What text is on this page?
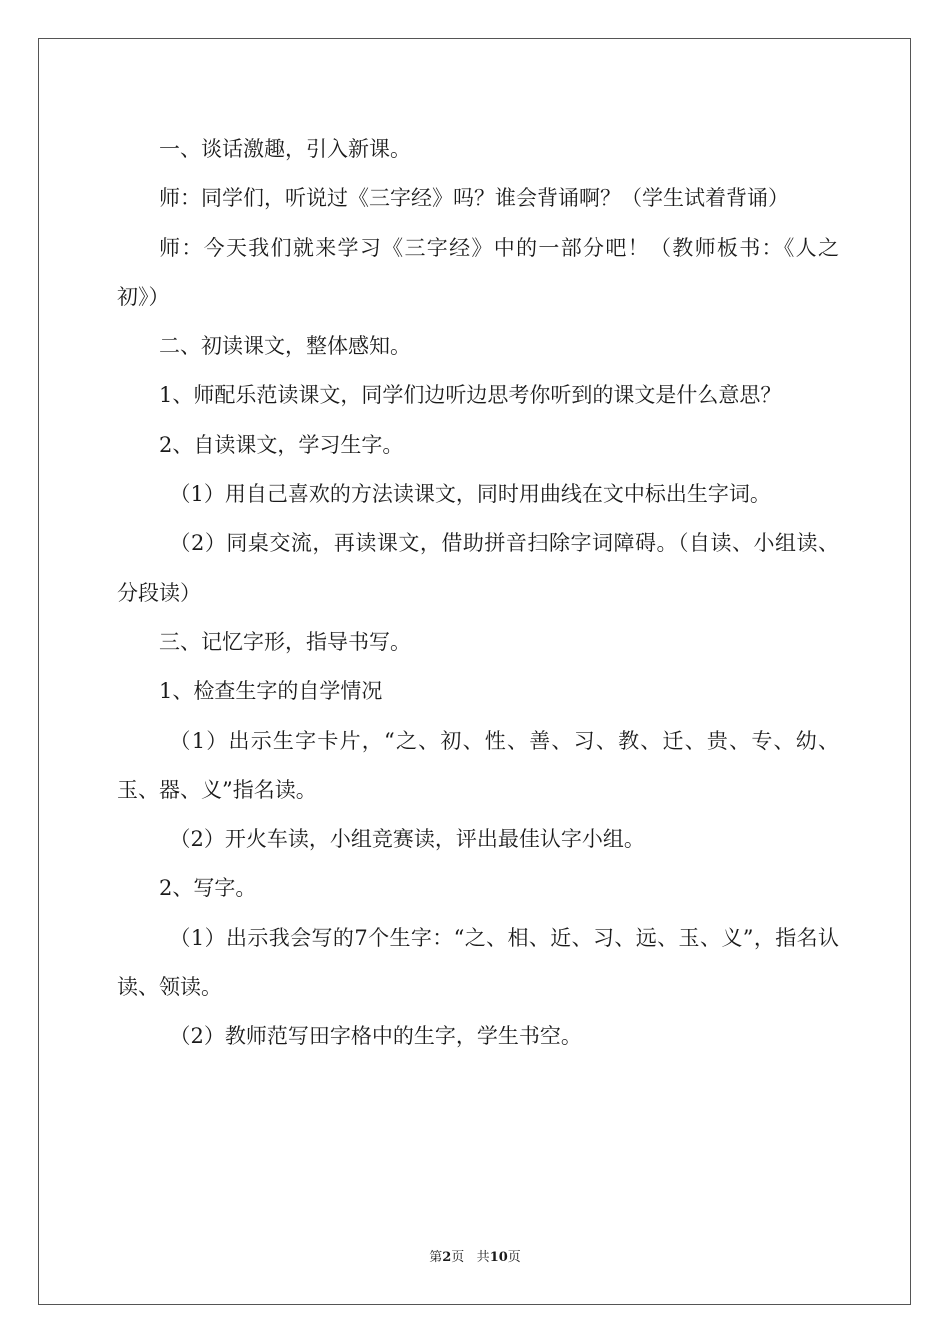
一、谈话激趣，引入新课。

师：同学们，听说过《三字经》吗？谁会背诵啊？（学生试着背诵）

师：今天我们就来学习《三字经》中的一部分吧！（教师板书：《人之初》）

二、初读课文，整体感知。

1、师配乐范读课文，同学们边听边思考你听到的课文是什么意思？

2、自读课文，学习生字。

（1）用自己喜欢的方法读课文，同时用曲线在文中标出生字词。

（2）同桌交流，再读课文，借助拼音扫除字词障碍。（自读、小组读、分段读）

三、记忆字形，指导书写。

1、检查生字的自学情况

（1）出示生字卡片，“之、初、性、善、习、教、迁、贵、专、幼、玉、器、义”指名读。

（2）开火车读，小组竞赛读，评出最佳认字小组。

2、写字。

（1）出示我会写的7个生字：“之、相、近、习、远、玉、义”，指名认读、领读。

（2）教师范写田字格中的生字，学生书空。

第2页 共10页
